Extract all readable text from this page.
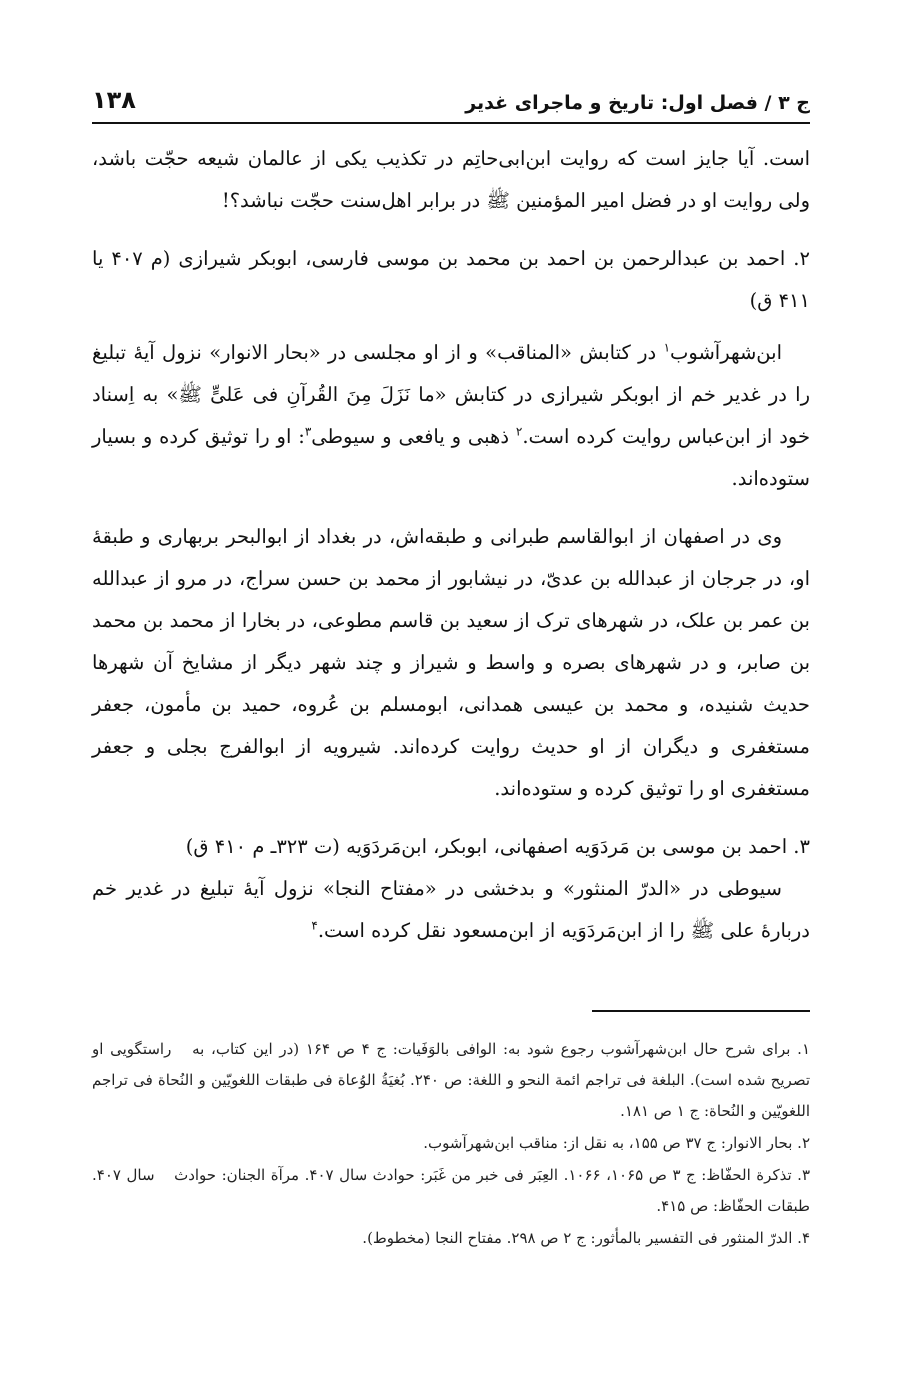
ج ۳ / فصل اول: تاریخ و ماجرای غدیر
۱۳۸

است. آیا جایز است که روایت ابن‌ابی‌حاتِم در تکذیب یکی از عالمان شیعه حجّت باشد، ولی روایت او در فضل امیر المؤمنین ﷺ در برابر اهل‌سنت حجّت نباشد؟!

۲. احمد بن عبدالرحمن بن احمد بن محمد بن موسی فارسی، ابوبکر شیرازی (م ۴۰۷ یا ۴۱۱ ق)

ابن‌شهرآشوب$^۱$ در کتابش «المناقب» و از او مجلسی در «بحار الانوار» نزول آیهٔ تبلیغ را در غدیر خم از ابوبکر شیرازی در کتابش «ما نَزَلَ مِنَ القُرآنِ فی عَلیٍّ ﷺ» به اِسناد خود از ابن‌عباس روایت کرده است.$^۲$ ذهبی و یافعی و سیوطی$^۳$: او را توثیق کرده و بسیار ستوده‌اند.

وی در اصفهان از ابوالقاسم طبرانی و طبقه‌اش، در بغداد از ابوالبحر بربهاری و طبقهٔ او، در جرجان از عبدالله بن عدیّ، در نیشابور از محمد بن حسن سراج، در مرو از عبدالله بن عمر بن علک، در شهرهای ترک از سعید بن قاسم مطوعی، در بخارا از محمد بن محمد بن صابر، و در شهرهای بصره و واسط و شیراز و چند شهر دیگر از مشایخ آن شهرها حدیث شنیده، و محمد بن عیسی همدانی، ابومسلم بن عُروه، حمید بن مأمون، جعفر مستغفری و دیگران از او حدیث روایت کرده‌اند. شیرویه از ابوالفرج بجلی و جعفر مستغفری او را توثیق کرده و ستوده‌اند.

۳. احمد بن موسی بن مَردَوَیه اصفهانی، ابوبکر، ابن‌مَردَوَیه (ت ۳۲۳ـ م ۴۱۰ ق)

سیوطی در «الدرّ المنثور» و بدخشی در «مفتاح النجا» نزول آیهٔ تبلیغ در غدیر خم دربارهٔ علی ﷺ را از ابن‌مَردَوَیه از ابن‌مسعود نقل کرده است.$^۴$

۱. برای شرح حال ابن‌شهرآشوب رجوع شود به: الوافی بالوَفَیات: ج ۴ ص ۱۶۴ (در این کتاب، به راستگویی او تصریح شده است). البلغة فی تراجم ائمة النحو و اللغة: ص ۲۴۰. بُغیَةُ الوُعاة فی طبقات اللغویّین و النُحاة فی تراجم اللغویّین و النُحاة: ج ۱ ص ۱۸۱.

۲. بحار الانوار: ج ۳۷ ص ۱۵۵، به نقل از: مناقب ابن‌شهرآشوب.

۳. تذکرة الحفّاظ: ج ۳ ص ۱۰۶۵، ۱۰۶۶. العِبَر فی خبر من غَبَر: حوادث سال ۴۰۷. مرآة الجنان: حوادث سال ۴۰۷. طبقات الحفّاظ: ص ۴۱۵.

۴. الدرّ المنثور فی التفسیر بالمأثور: ج ۲ ص ۲۹۸. مفتاح النجا (مخطوط).
